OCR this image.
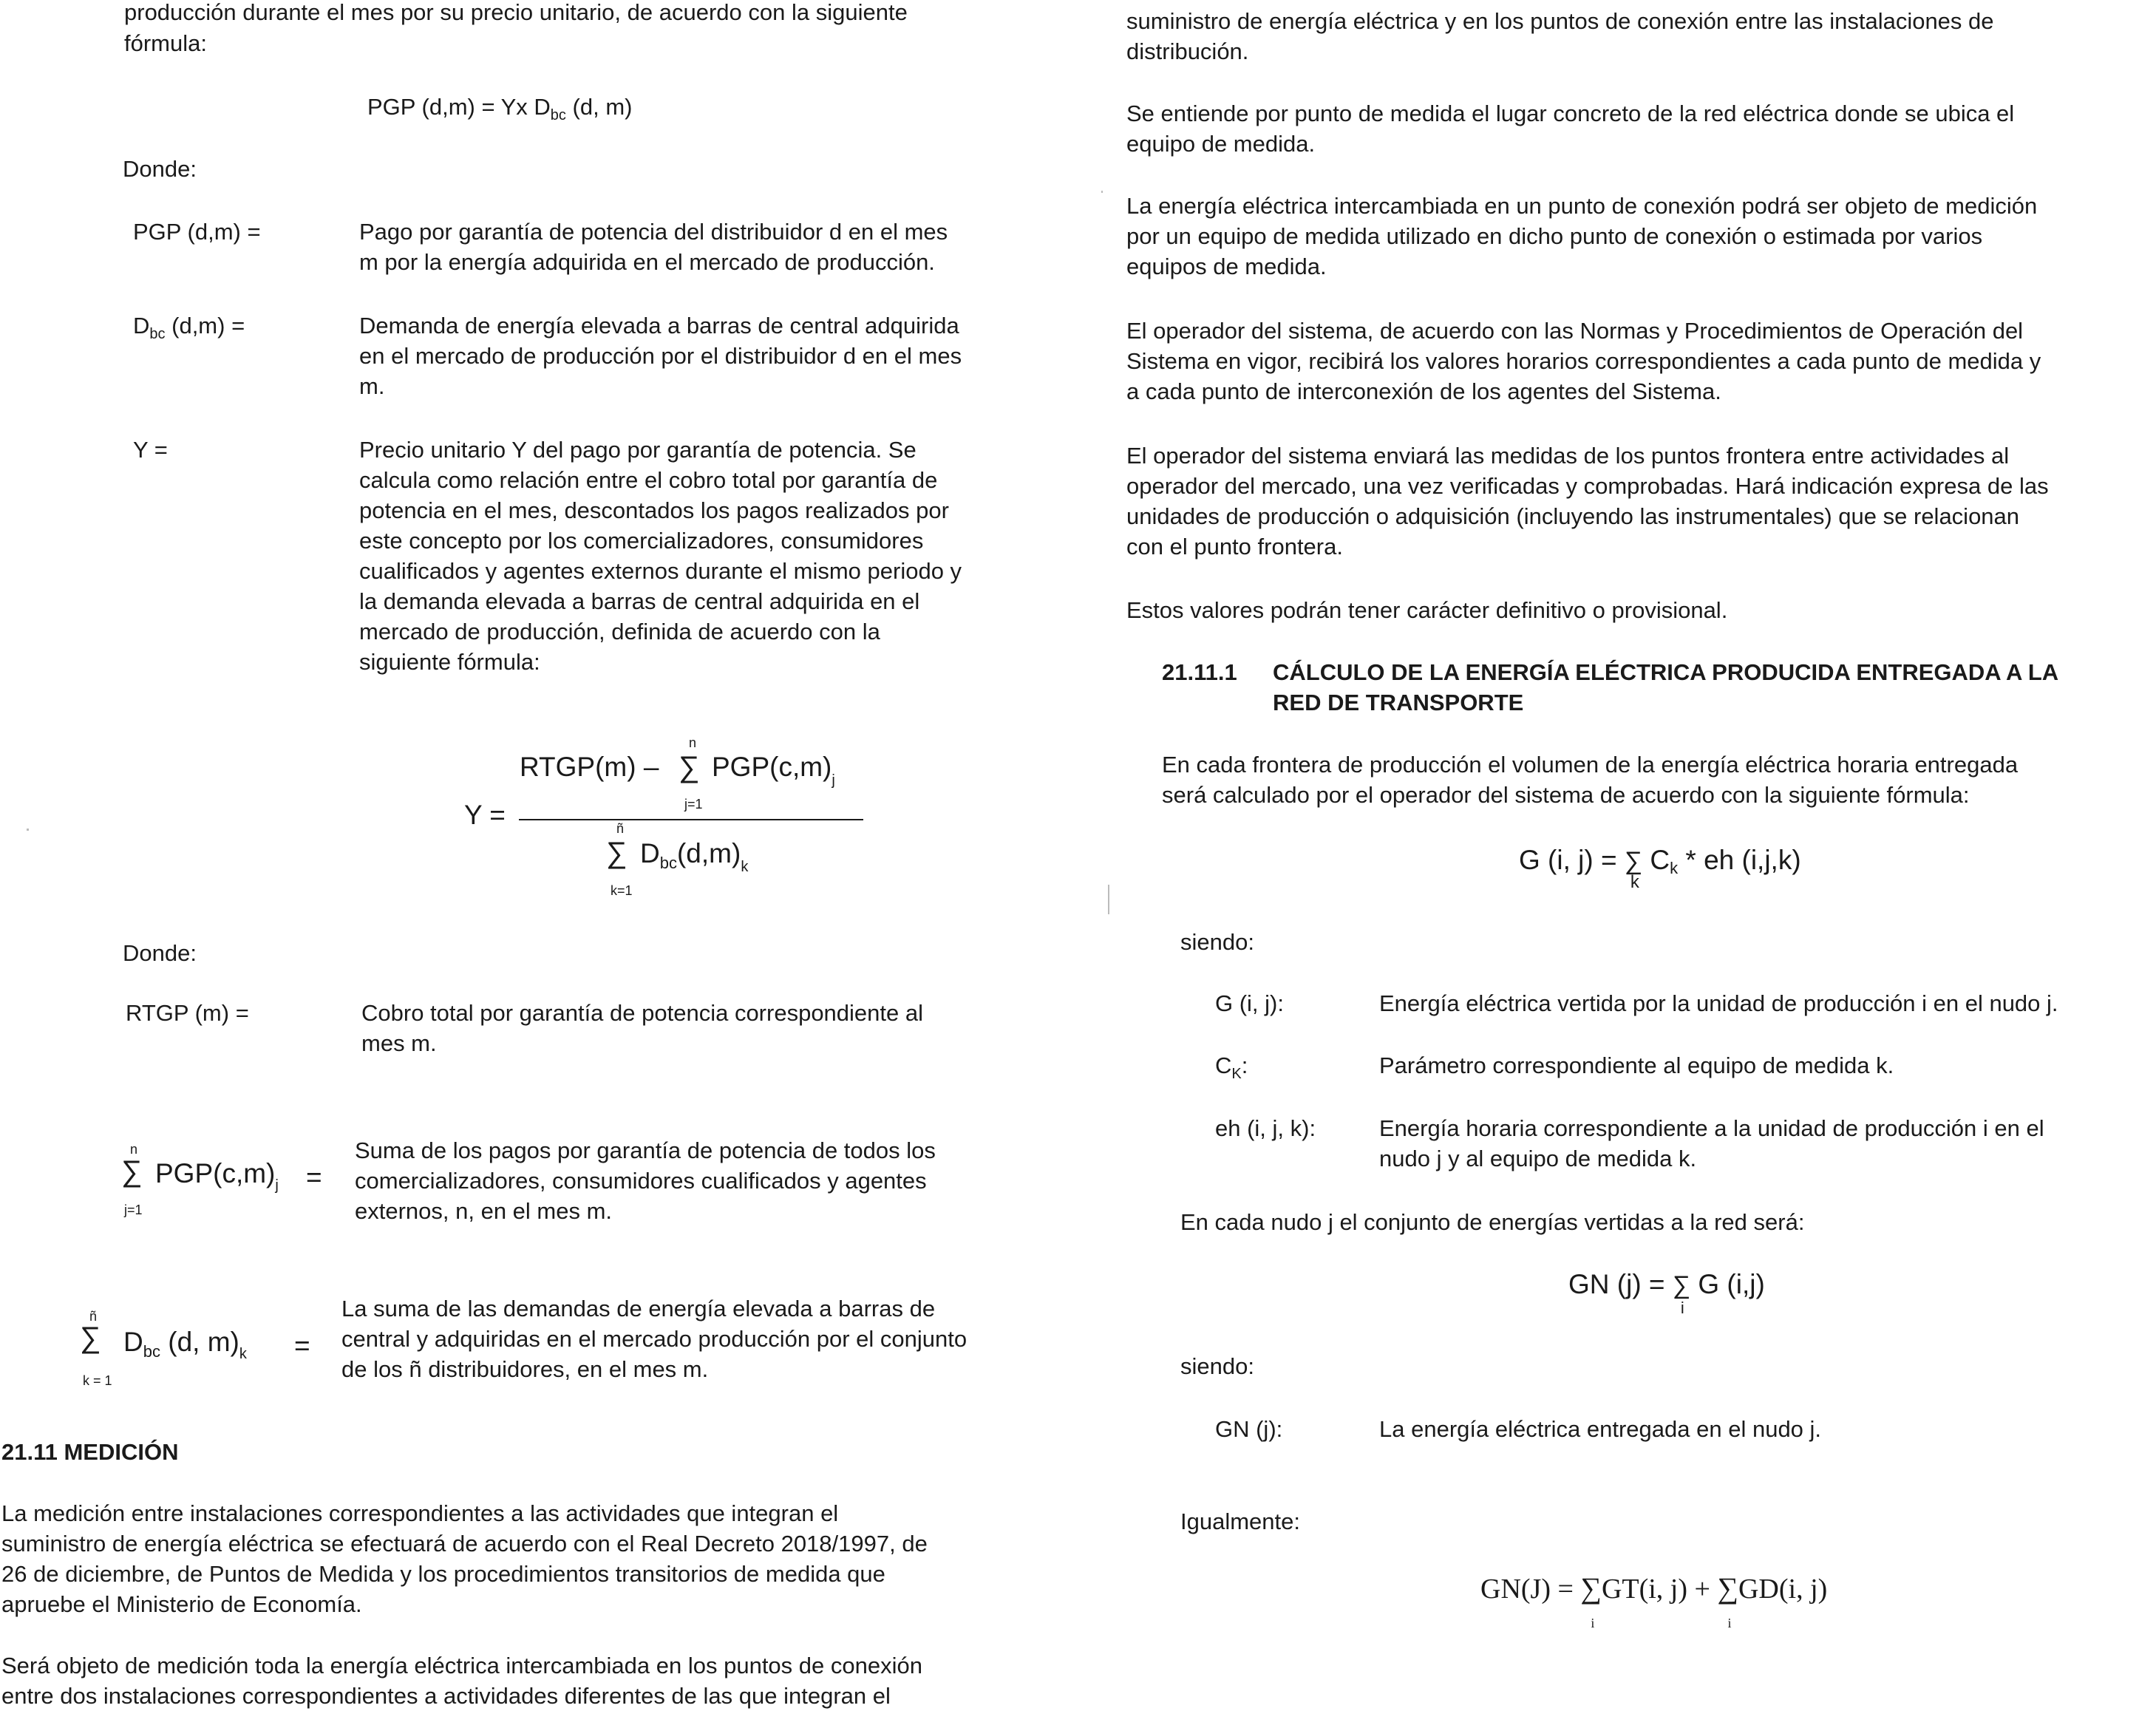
producción durante el mes por su precio unitario, de acuerdo con la siguiente
fórmula:
PGP (d,m) = Yx $D_{bc}$ (d, m)
Donde:
PGP (d,m) =	Pago por garantía de potencia del distribuidor d en el mes
m por la energía adquirida en el mercado de producción.
$D_{bc}$ (d,m) =	Demanda de energía elevada a barras de central adquirida
en el mercado de producción por el distribuidor d en el mes
m.
Y =	Precio unitario Y del pago por garantía de potencia. Se
calcula como relación entre el cobro total por garantía de
potencia en el mes, descontados los pagos realizados por
este concepto por los comercializadores, consumidores
cualificados y agentes externos durante el mismo periodo y
la demanda elevada a barras de central adquirida en el
mercado de producción, definida de acuerdo con la
siguiente fórmula:
Y =
RTGP(m) –
n
∑
j=1
$PGP(c,m)_j$
ñ
∑
k=1
$D_{bc}(d,m)_k$
Donde:
RTGP (m) =	Cobro total por garantía de potencia correspondiente al
mes m.
n
∑
j=1
$PGP(c,m)_j$ =
Suma de los pagos por garantía de potencia de todos los
comercializadores, consumidores cualificados y agentes
externos, n, en el mes m.
ñ
∑
k = 1
$D_{bc}$ (d, $m)_k$ =
La suma de las demandas de energía elevada a barras de
central y adquiridas en el mercado producción por el conjunto
de los ñ distribuidores, en el mes m.
21.11 MEDICIÓN
La medición entre instalaciones correspondientes a las actividades que integran el
suministro de energía eléctrica se efectuará de acuerdo con el Real Decreto 2018/1997, de
26 de diciembre, de Puntos de Medida y los procedimientos transitorios de medida que
apruebe el Ministerio de Economía.
Será objeto de medición toda la energía eléctrica intercambiada en los puntos de conexión
entre dos instalaciones correspondientes a actividades diferentes de las que integran el
suministro de energía eléctrica y en los puntos de conexión entre las instalaciones de
distribución.
Se entiende por punto de medida el lugar concreto de la red eléctrica donde se ubica el
equipo de medida.
La energía eléctrica intercambiada en un punto de conexión podrá ser objeto de medición
por un equipo de medida utilizado en dicho punto de conexión o estimada por varios
equipos de medida.
El operador del sistema, de acuerdo con las Normas y Procedimientos de Operación del
Sistema en vigor, recibirá los valores horarios correspondientes a cada punto de medida y
a cada punto de interconexión de los agentes del Sistema.
El operador del sistema enviará las medidas de los puntos frontera entre actividades al
operador del mercado, una vez verificadas y comprobadas. Hará indicación expresa de las
unidades de producción o adquisición (incluyendo las instrumentales) que se relacionan
con el punto frontera.
Estos valores podrán tener carácter definitivo o provisional.
21.11.1 CÁLCULO DE LA ENERGÍA ELÉCTRICA PRODUCIDA ENTREGADA A LA
RED DE TRANSPORTE
En cada frontera de producción el volumen de la energía eléctrica horaria entregada
será calculado por el operador del sistema de acuerdo con la siguiente fórmula:
G (i, j) = ∑
k
$C_k$ * eh (i,j,k)
siendo:
G (i, j):	Energía eléctrica vertida por la unidad de producción i en el nudo j.
$C_K$:	Parámetro correspondiente al equipo de medida k.
eh (i, j, k):	Energía horaria correspondiente a la unidad de producción i en el
nudo j y al equipo de medida k.
En cada nudo j el conjunto de energías vertidas a la red será:
GN (j) = ∑
i
G (i,j)
siendo:
GN (j):	La energía eléctrica entregada en el nudo j.
Igualmente:
GN(J) = ∑
i
GT(i, j) + ∑
i
GD(i, j)
